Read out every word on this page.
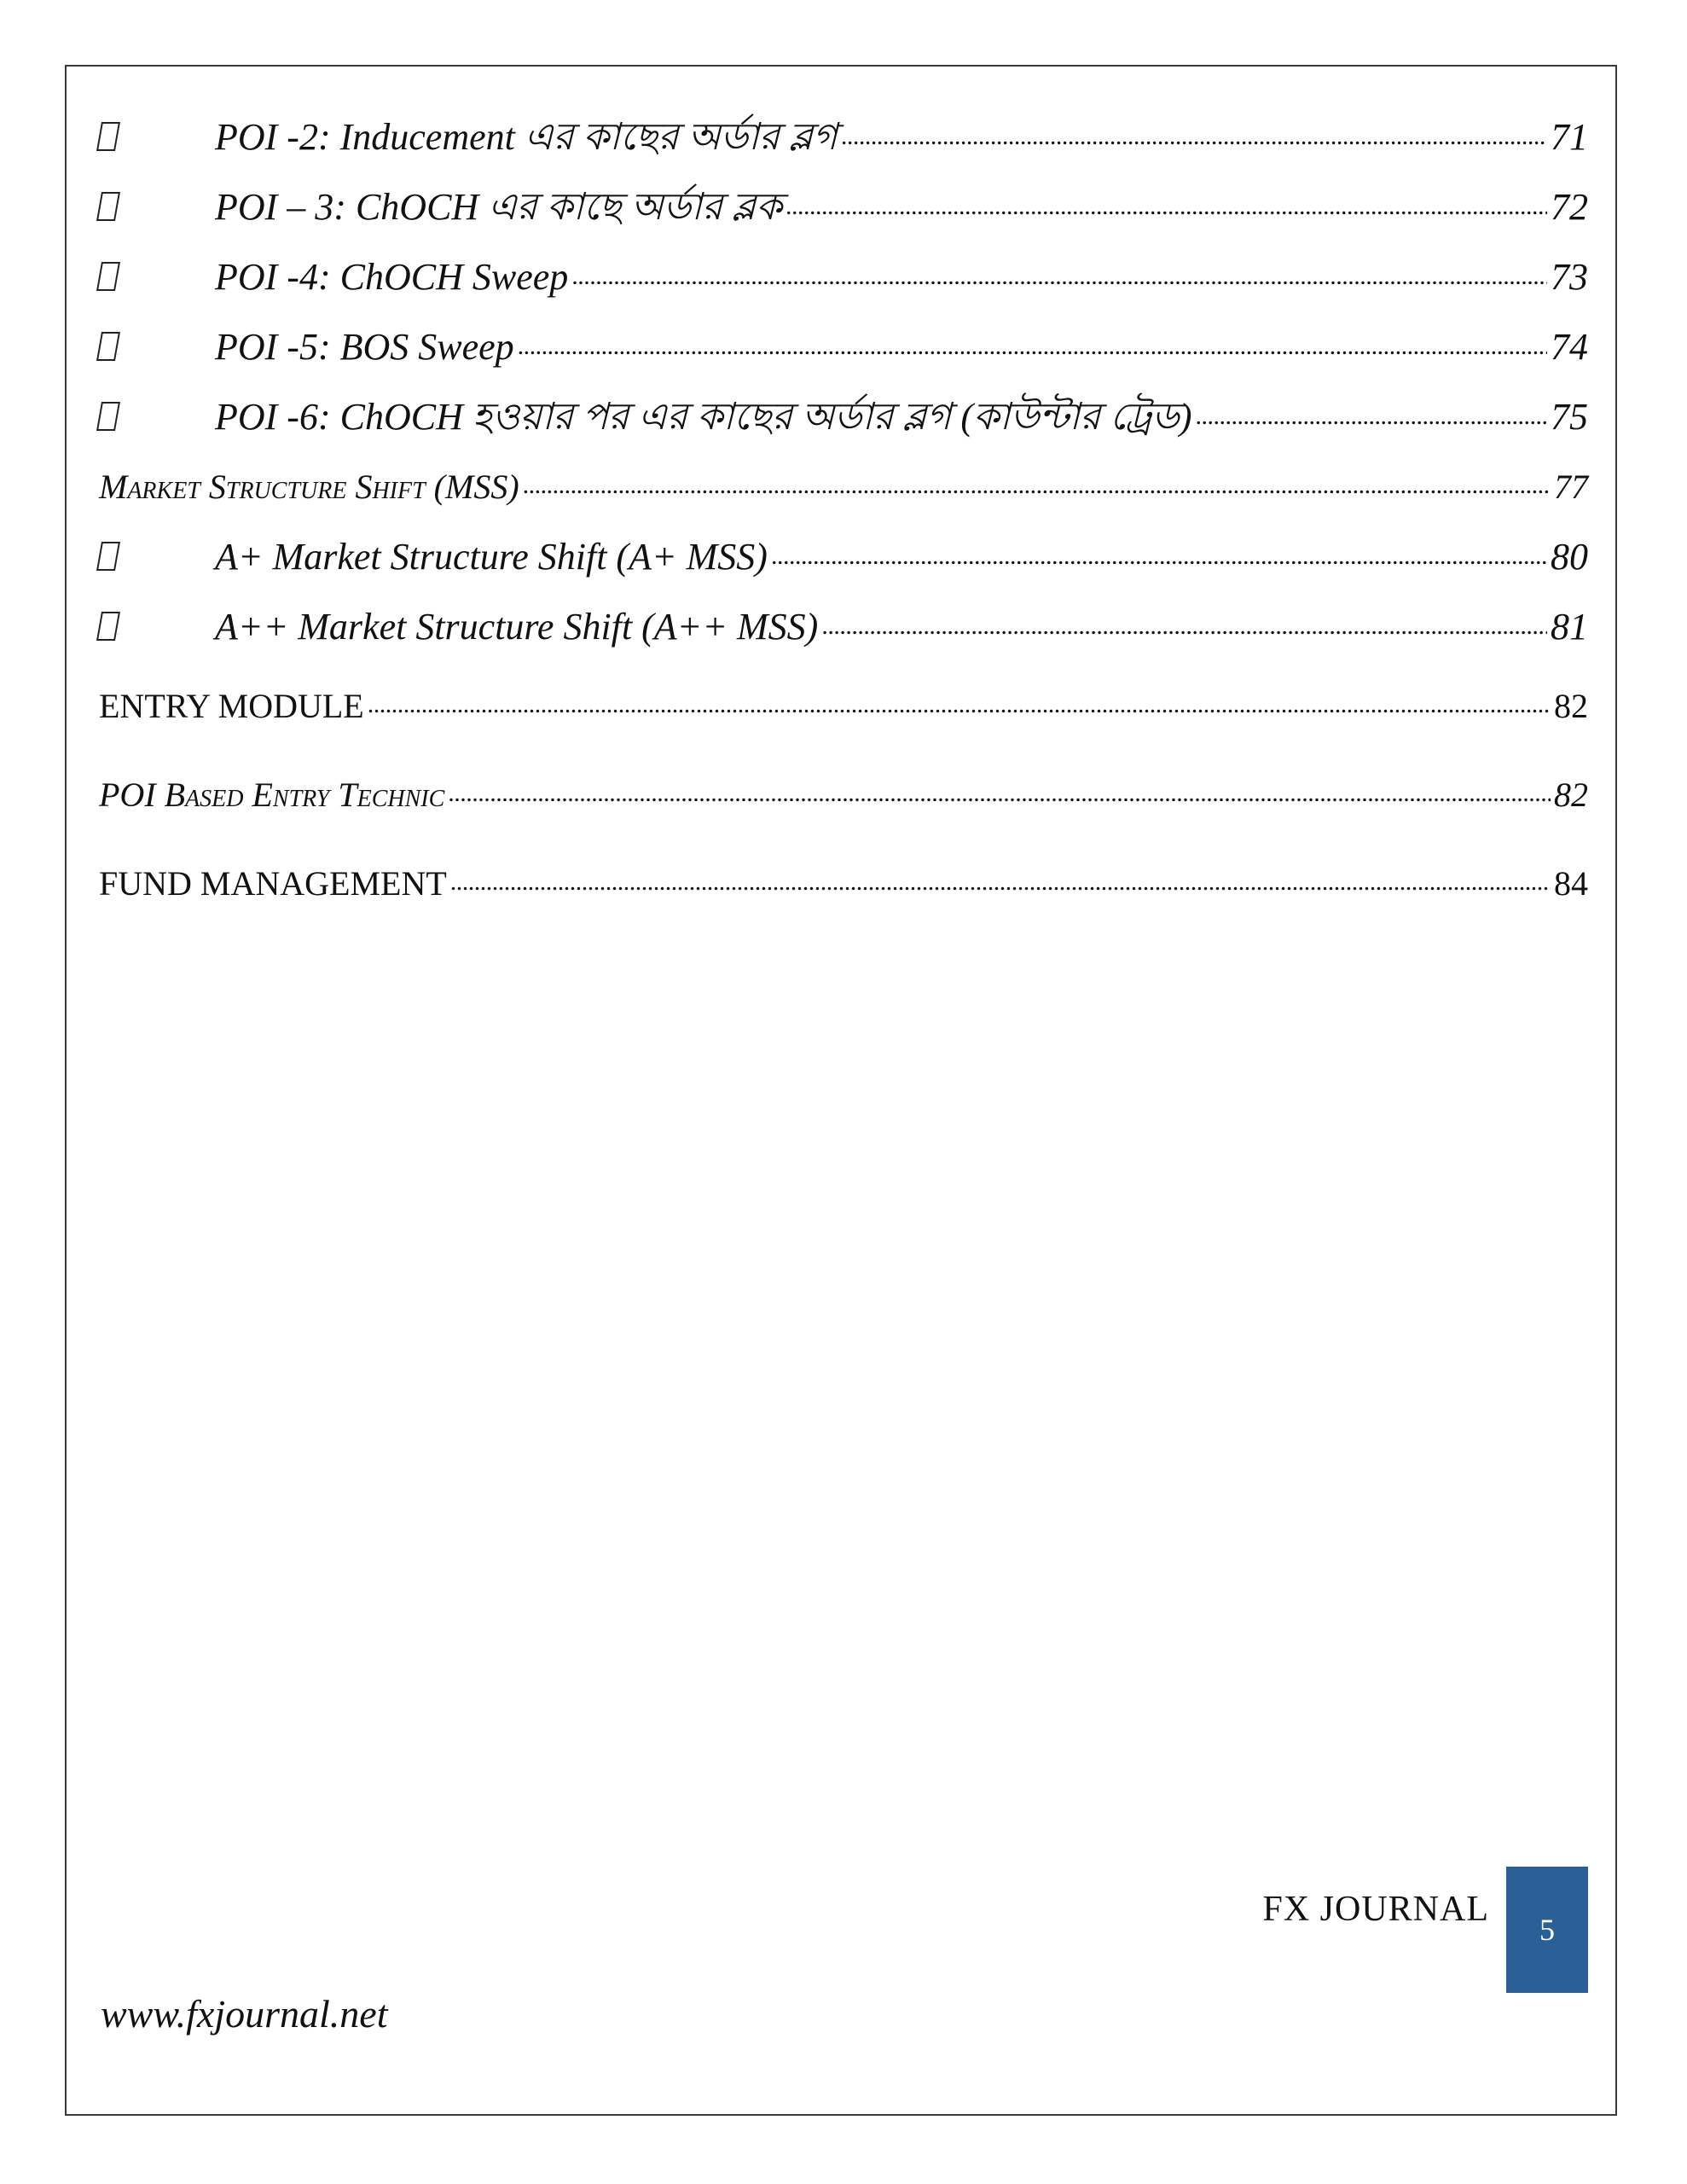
POI -2: Inducement এর কাছের অর্ডার ব্লগ . . .	71
POI – 3: ChOCH এর কাছে অর্ডার ব্লক . . .	72
POI -4: ChOCH Sweep . . .	73
POI -5: BOS Sweep . . .	74
POI -6: ChOCH হওয়ার পর এর কাছের অর্ডার ব্লগ (কাউন্টার ট্রেড) . . .	75
Market Structure Shift (MSS) . . .	77
A+ Market Structure Shift (A+ MSS) . . .	80
A++ Market Structure Shift (A++ MSS) . . .	81
ENTRY MODULE . . .	82
POI Based Entry Technic . . .	82
FUND MANAGEMENT . . .	84
FX JOURNAL
5
www.fxjournal.net
